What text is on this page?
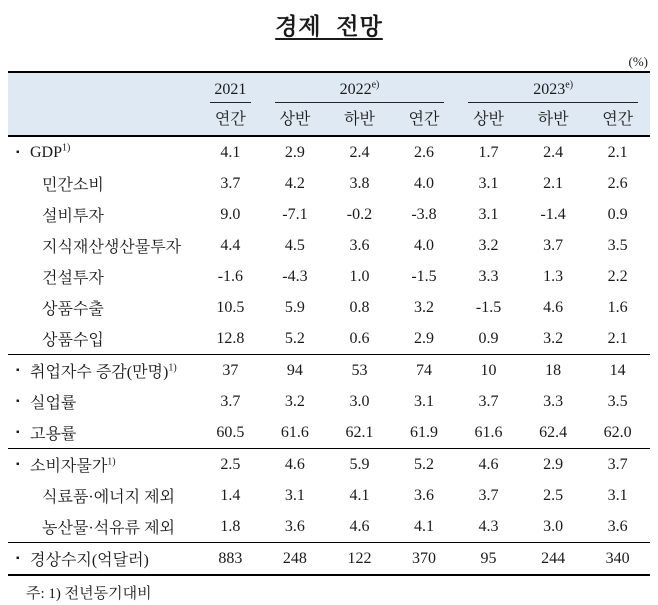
경제 전망
(%)

	2021	2022$^{e)}$			2023$^{e)}$

	연간	상반	하반	연간	상반	하반	연간

▪ GDP$^{1)}$	4.1	2.9	2.4	2.6	1.7	2.4	2.1
민간소비	3.7	4.2	3.8	4.0	3.1	2.1	2.6
설비투자	9.0	-7.1	-0.2	-3.8	3.1	-1.4	0.9
지식재산생산물투자	4.4	4.5	3.6	4.0	3.2	3.7	3.5
건설투자	-1.6	-4.3	1.0	-1.5	3.3	1.3	2.2
상품수출	10.5	5.9	0.8	3.2	-1.5	4.6	1.6
상품수입	12.8	5.2	0.6	2.9	0.9	3.2	2.1

▪ 취업자수 증감(만명)$^{1)}$	37	94	53	74	10	18	14

▪ 실업률	3.7	3.2	3.0	3.1	3.7	3.3	3.5

▪ 고용률	60.5	61.6	62.1	61.9	61.6	62.4	62.0

▪ 소비자물가$^{1)}$	2.5	4.6	5.9	5.2	4.6	2.9	3.7
식료품·에너지 제외	1.4	3.1	4.1	3.6	3.7	2.5	3.1
농산물·석유류 제외	1.8	3.6	4.6	4.1	4.3	3.0	3.6

▪ 경상수지(억달러)	883	248	122	370	95	244	340
주: 1) 전년동기대비
